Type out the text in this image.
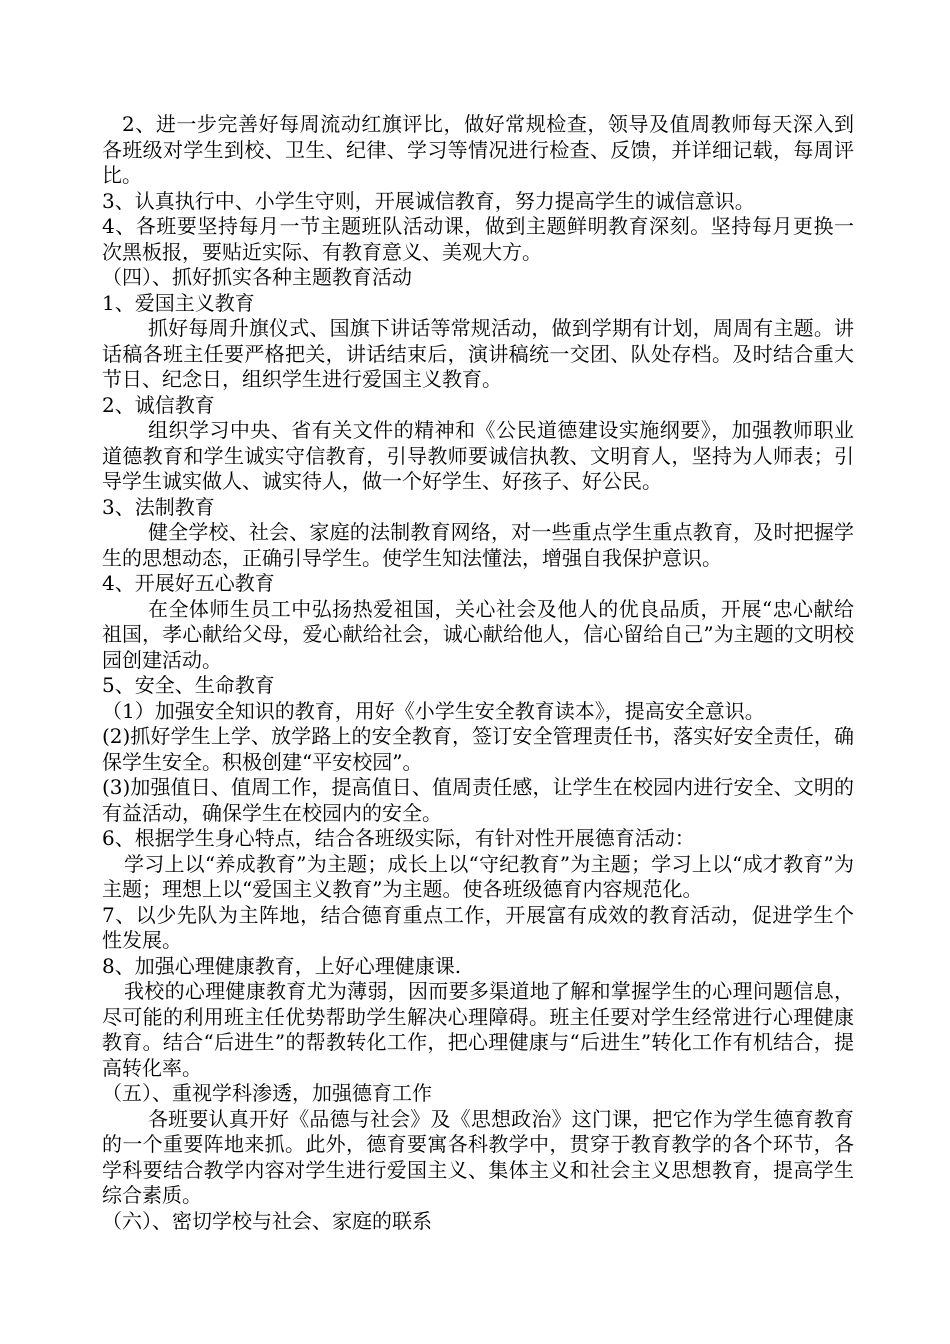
2、进一步完善好每周流动红旗评比，做好常规检查，领导及值周教师每天深入到各班级对学生到校、卫生、纪律、学习等情况进行检查、反馈，并详细记载，每周评比。

3、认真执行中、小学生守则，开展诚信教育，努力提高学生的诚信意识。

4、各班要坚持每月一节主题班队活动课，做到主题鲜明教育深刻。坚持每月更换一次黑板报，要贴近实际、有教育意义、美观大方。

（四）、抓好抓实各种主题教育活动

1、爱国主义教育

抓好每周升旗仪式、国旗下讲话等常规活动，做到学期有计划，周周有主题。讲话稿各班主任要严格把关，讲话结束后，演讲稿统一交团、队处存档。及时结合重大节日、纪念日，组织学生进行爱国主义教育。

2、诚信教育

组织学习中央、省有关文件的精神和《公民道德建设实施纲要》，加强教师职业道德教育和学生诚实守信教育，引导教师要诚信执教、文明育人，坚持为人师表；引导学生诚实做人、诚实待人，做一个好学生、好孩子、好公民。

3、法制教育

健全学校、社会、家庭的法制教育网络，对一些重点学生重点教育，及时把握学生的思想动态，正确引导学生。使学生知法懂法，增强自我保护意识。

4、开展好五心教育

在全体师生员工中弘扬热爱祖国，关心社会及他人的优良品质，开展“忠心献给祖国，孝心献给父母，爱心献给社会，诚心献给他人，信心留给自己”为主题的文明校园创建活动。

5、安全、生命教育

（1）加强安全知识的教育，用好《小学生安全教育读本》，提高安全意识。

(2)抓好学生上学、放学路上的安全教育，签订安全管理责任书，落实好安全责任，确保学生安全。积极创建“平安校园”。

(3)加强值日、值周工作，提高值日、值周责任感，让学生在校园内进行安全、文明的有益活动，确保学生在校园内的安全。

6、根据学生身心特点，结合各班级实际，有针对性开展德育活动：

学习上以“养成教育”为主题；成长上以“守纪教育”为主题；学习上以“成才教育”为主题；理想上以“爱国主义教育”为主题。使各班级德育内容规范化。

7、以少先队为主阵地，结合德育重点工作，开展富有成效的教育活动，促进学生个性发展。

8、加强心理健康教育，上好心理健康课.

我校的心理健康教育尤为薄弱，因而要多渠道地了解和掌握学生的心理问题信息，尽可能的利用班主任优势帮助学生解决心理障碍。班主任要对学生经常进行心理健康教育。结合“后进生”的帮教转化工作，把心理健康与“后进生”转化工作有机结合，提高转化率。

（五）、重视学科渗透，加强德育工作

各班要认真开好《品德与社会》及《思想政治》这门课，把它作为学生德育教育的一个重要阵地来抓。此外，德育要寓各科教学中，贯穿于教育教学的各个环节，各学科要结合教学内容对学生进行爱国主义、集体主义和社会主义思想教育，提高学生综合素质。

（六）、密切学校与社会、家庭的联系
